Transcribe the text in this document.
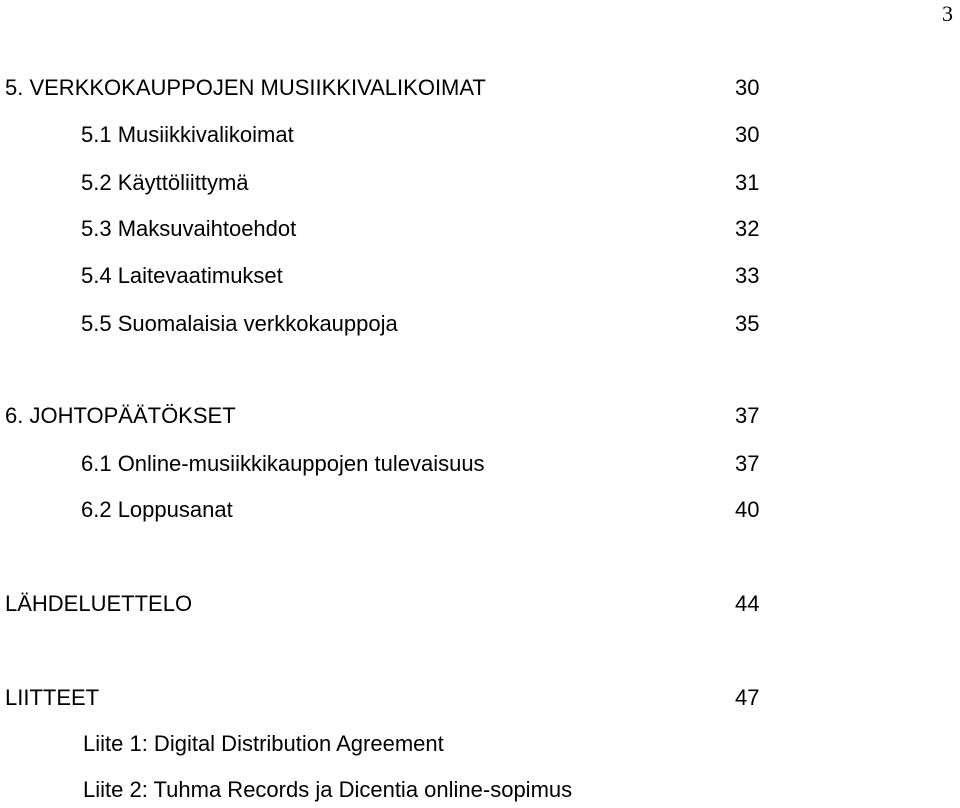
3
5. VERKKOKAUPPOJEN MUSIIKKIVALIKOIMAT	30
5.1 Musiikkivalikoimat	30
5.2 Käyttöliittymä	31
5.3 Maksuvaihtoehdot	32
5.4 Laitevaatimukset	33
5.5 Suomalaisia verkkokauppoja	35
6. JOHTOPÄÄTÖKSET	37
6.1 Online-musiikkikauppojen tulevaisuus	37
6.2 Loppusanat	40
LÄHDELUETTELO	44
LIITTEET	47
Liite 1: Digital Distribution Agreement
Liite 2: Tuhma Records ja Dicentia online-sopimus
